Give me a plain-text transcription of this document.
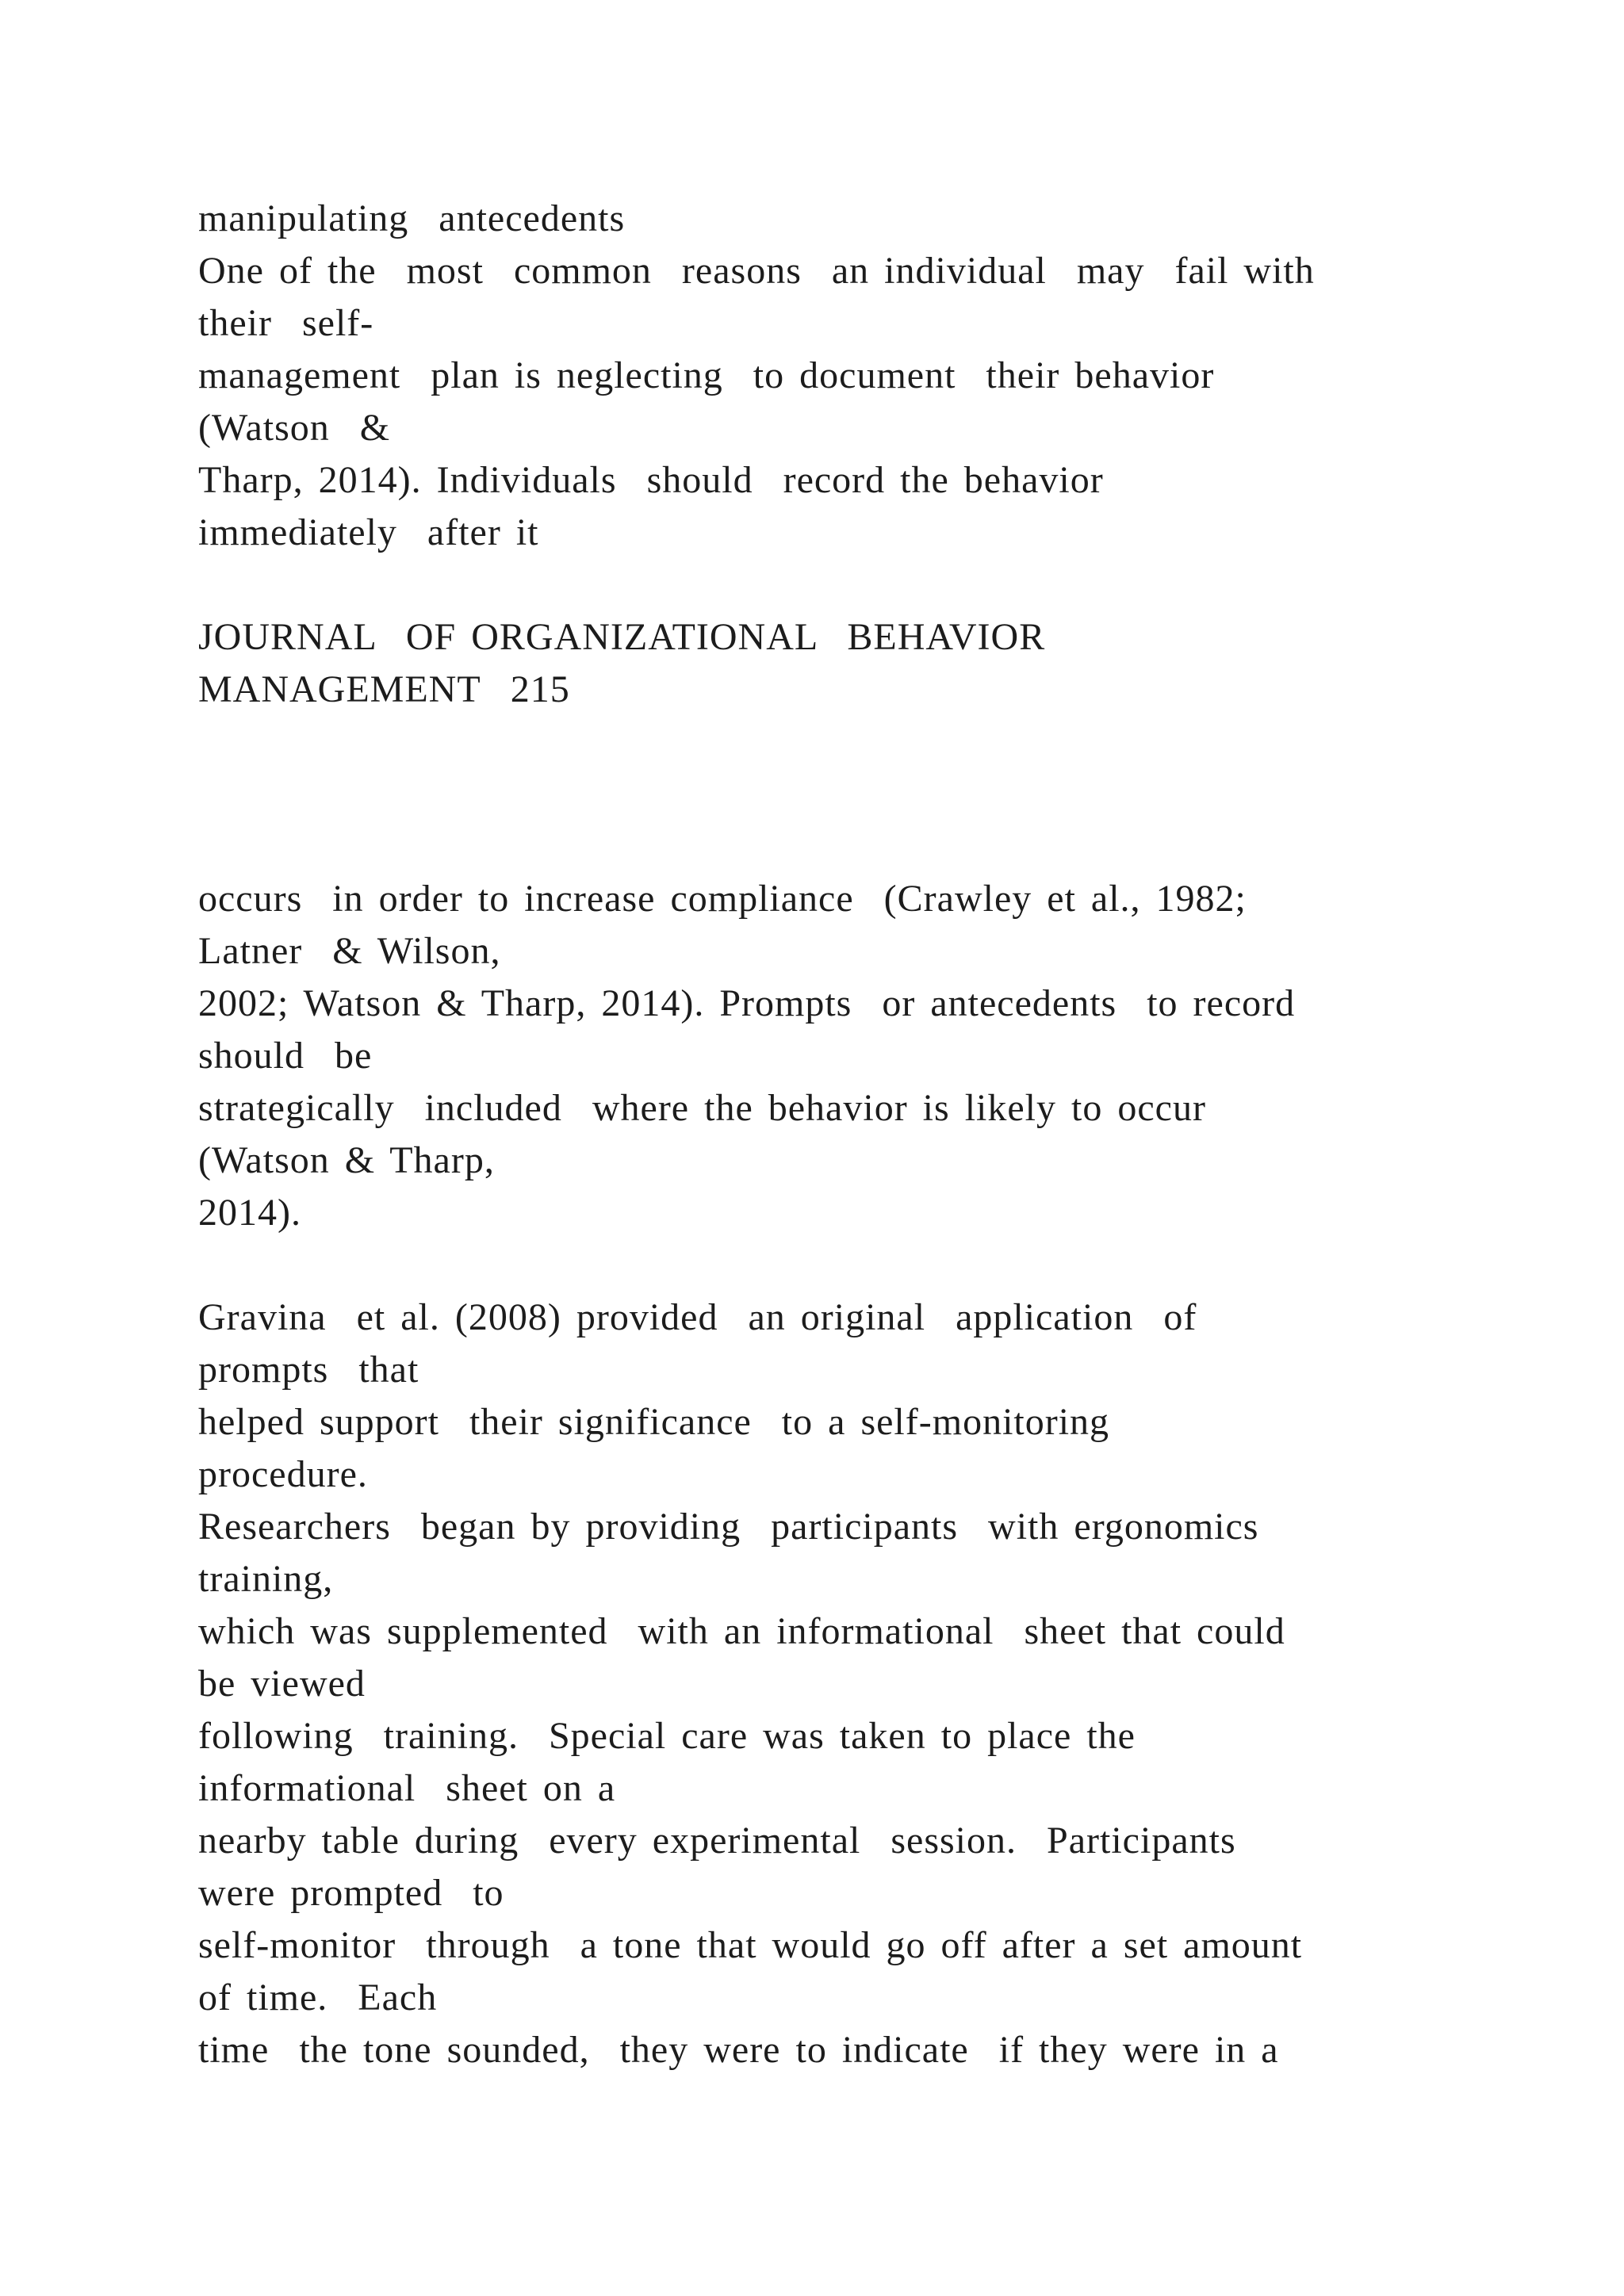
manipulating  antecedents
One of the  most  common  reasons  an individual  may  fail with
their  self-
management  plan is neglecting  to document  their behavior
(Watson  &
Tharp, 2014). Individuals  should  record the behavior
immediately  after it
JOURNAL  OF ORGANIZATIONAL  BEHAVIOR
MANAGEMENT  215
occurs  in order to increase compliance  (Crawley et al., 1982;
Latner  & Wilson,
2002; Watson & Tharp, 2014). Prompts  or antecedents  to record
should  be
strategically  included  where the behavior is likely to occur
(Watson & Tharp,
2014).
Gravina  et al. (2008) provided  an original  application  of
prompts  that
helped support  their significance  to a self-monitoring
procedure.
Researchers  began by providing  participants  with ergonomics
training,
which was supplemented  with an informational  sheet that could
be viewed
following  training.  Special care was taken to place the
informational  sheet on a
nearby table during  every experimental  session.  Participants
were prompted  to
self-monitor  through  a tone that would go off after a set amount
of time.  Each
time  the tone sounded,  they were to indicate  if they were in a
